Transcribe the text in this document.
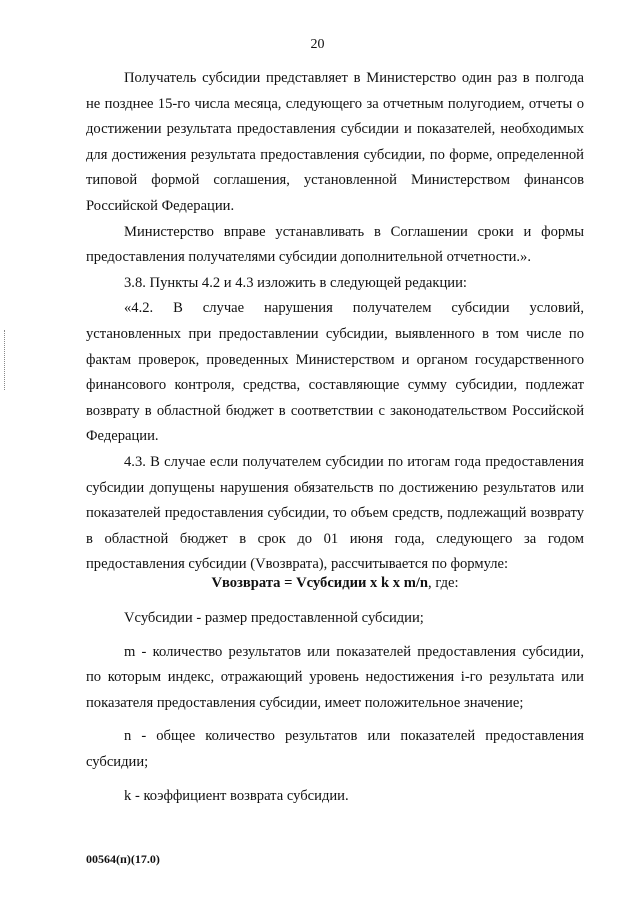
20

Получатель субсидии представляет в Министерство один раз в полгода не позднее 15-го числа месяца, следующего за отчетным полугодием, отчеты о достижении результата предоставления субсидии и показателей, необходимых для достижения результата предоставления субсидии, по форме, определенной типовой формой соглашения, установленной Министерством финансов Российской Федерации.

Министерство вправе устанавливать в Соглашении сроки и формы предоставления получателями субсидии дополнительной отчетности.».

3.8. Пункты 4.2 и 4.3 изложить в следующей редакции:

«4.2. В случае нарушения получателем субсидии условий, установленных при предоставлении субсидии, выявленного в том числе по фактам проверок, проведенных Министерством и органом государственного финансового контроля, средства, составляющие сумму субсидии, подлежат возврату в областной бюджет в соответствии с законодательством Российской Федерации.

4.3. В случае если получателем субсидии по итогам года предоставления субсидии допущены нарушения обязательств по достижению результатов или показателей предоставления субсидии, то объем средств, подлежащий возврату в областной бюджет в срок до 01 июня года, следующего за годом предоставления субсидии (Vвозврата), рассчитывается по формуле:

Vвозврата = Vсубсидии x k x m/n, где:

Vсубсидии - размер предоставленной субсидии;

m - количество результатов или показателей предоставления субсидии, по которым индекс, отражающий уровень недостижения i-го результата или показателя предоставления субсидии, имеет положительное значение;

n - общее количество результатов или показателей предоставления субсидии;

k - коэффициент возврата субсидии.

00564(п)(17.0)
